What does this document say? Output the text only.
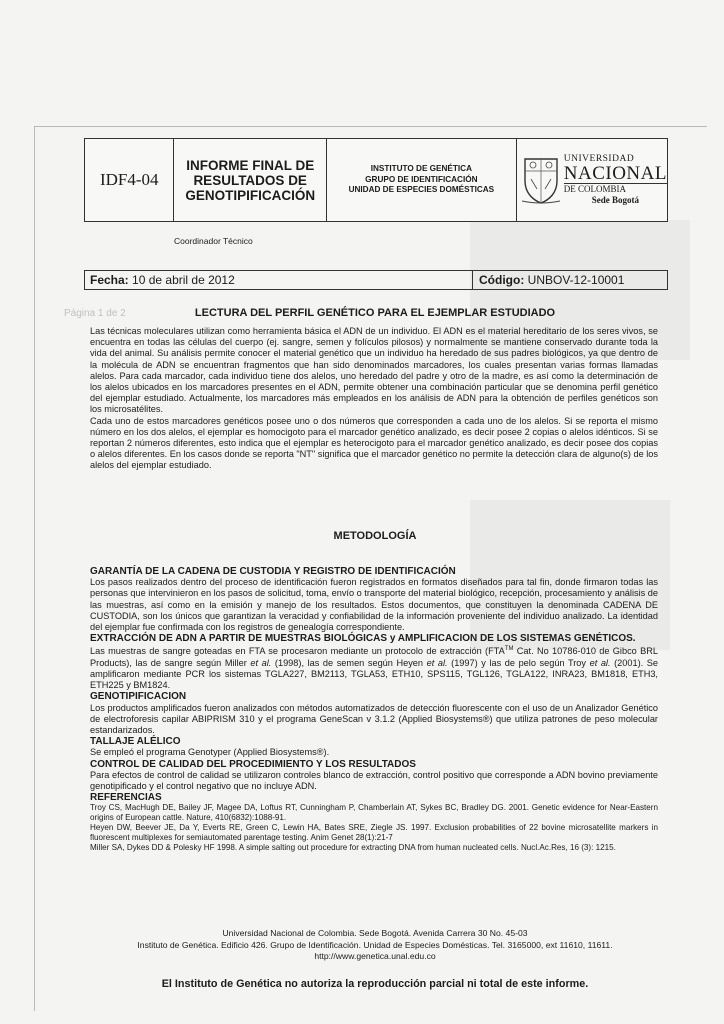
IDF4-04
INFORME FINAL DE RESULTADOS DE GENOTIPIFICACIÓN
INSTITUTO DE GENÉTICA
GRUPO DE IDENTIFICACIÓN
UNIDAD DE ESPECIES DOMÉSTICAS
UNIVERSIDAD
NACIONAL
DE COLOMBIA
Sede Bogotá
Coordinador Técnico
Fecha: 10 de abril de 2012	Código:
UNBOV-12-10001
Página 1 de 2	LECTURA DEL PERFIL GENÉTICO PARA EL EJEMPLAR ESTUDIADO

Las técnicas moleculares utilizan como herramienta básica el ADN de un individuo. El ADN es el material hereditario de los seres vivos, se encuentra en todas las células del cuerpo (ej. sangre, semen y folículos pilosos) y normalmente se mantiene conservado durante toda la vida del animal. Su análisis permite conocer el material genético que un individuo ha heredado de sus padres biológicos, ya que dentro de la molécula de ADN se encuentran fragmentos que han sido denominados marcadores, los cuales presentan varias formas llamadas alelos. Para cada marcador, cada individuo tiene dos alelos, uno heredado del padre y otro de la madre, es así como la determinación de los alelos ubicados en los marcadores presentes en el ADN, permite obtener una combinación particular que se denomina perfil genético del ejemplar estudiado. Actualmente, los marcadores más empleados en los análisis de ADN para la obtención de perfiles genéticos son los microsatélites.

Cada uno de estos marcadores genéticos posee uno o dos números que corresponden a cada uno de los alelos. Si se reporta el mismo número en los dos alelos, el ejemplar es homocigoto para el marcador genético analizado, es decir posee 2 copias o alelos idénticos. Si se reportan 2 números diferentes, esto indica que el ejemplar es heterocigoto para el marcador genético analizado, es decir posee dos copias o alelos diferentes. En los casos donde se reporta "NT" significa que el marcador genético no permite la detección clara de alguno(s) de los alelos del ejemplar estudiado.

METODOLOGÍA
GARANTÍA DE LA CADENA DE CUSTODIA Y REGISTRO DE IDENTIFICACIÓN

Los pasos realizados dentro del proceso de identificación fueron registrados en formatos diseñados para tal fin, donde firmaron todas las personas que intervinieron en los pasos de solicitud, toma, envío o transporte del material biológico, recepción, procesamiento y análisis de las muestras, así como en la emisión y manejo de los resultados. Estos documentos, que constituyen la denominada CADENA DE CUSTODIA, son los únicos que garantizan la veracidad y confiabilidad de la información proveniente del individuo analizado. La identidad del ejemplar fue confirmada con los registros de genealogía correspondiente.

EXTRACCIÓN DE ADN A PARTIR DE MUESTRAS BIOLÓGICAS y AMPLIFICACION DE LOS SISTEMAS GENÉTICOS.

Las muestras de sangre goteadas en FTA se procesaron mediante un protocolo de extracción (FTA™ Cat. No 10786-010 de Gibco BRL Products), las de sangre según Miller et al. (1998), las de semen según Heyen et al. (1997) y las de pelo según Troy et al. (2001). Se amplificaron mediante PCR los sistemas TGLA227, BM2113, TGLA53, ETH10, SPS115, TGL126, TGLA122, INRA23, BM1818, ETH3, ETH225 y BM1824.

GENOTIPIFICACION

Los productos amplificados fueron analizados con métodos automatizados de detección fluorescente con el uso de un Analizador Genético de electroforesis capilar ABIPRISM 310 y el programa GeneScan v 3.1.2 (Applied Biosystems®) que utiliza patrones de peso molecular estandarizados.

TALLAJE ALÉLICO

Se empleó el programa Genotyper (Applied Biosystems®).

CONTROL DE CALIDAD DEL PROCEDIMIENTO Y LOS RESULTADOS

Para efectos de control de calidad se utilizaron controles blanco de extracción, control positivo que corresponde a ADN bovino previamente genotipificado y el control negativo que no incluye ADN.

REFERENCIAS

Troy CS, MacHugh DE, Bailey JF, Magee DA, Loftus RT, Cunningham P, Chamberlain AT, Sykes BC, Bradley DG. 2001. Genetic evidence for Near-Eastern origins of European cattle. Nature, 410(6832):1088-91.

Heyen DW, Beever JE, Da Y, Everts RE, Green C, Lewin HA, Bates SRE, Ziegle JS. 1997. Exclusion probabilities of 22 bovine microsatellite markers in fluorescent multiplexes for semiautomated parentage testing. Anim Genet 28(1):21-7

Miller SA, Dykes DD & Polesky HF 1998. A simple salting out procedure for extracting DNA from human nucleated cells. Nucl.Ac.Res, 16 (3): 1215.

Universidad Nacional de Colombia. Sede Bogotá. Avenida Carrera 30 No. 45-03
Instituto de Genética. Edificio 426. Grupo de Identificación. Unidad de Especies Domésticas. Tel. 3165000, ext 11610, 11611.
http://www.genetica.unal.edu.co
El Instituto de Genética no autoriza la reproducción parcial ni total de este informe.
